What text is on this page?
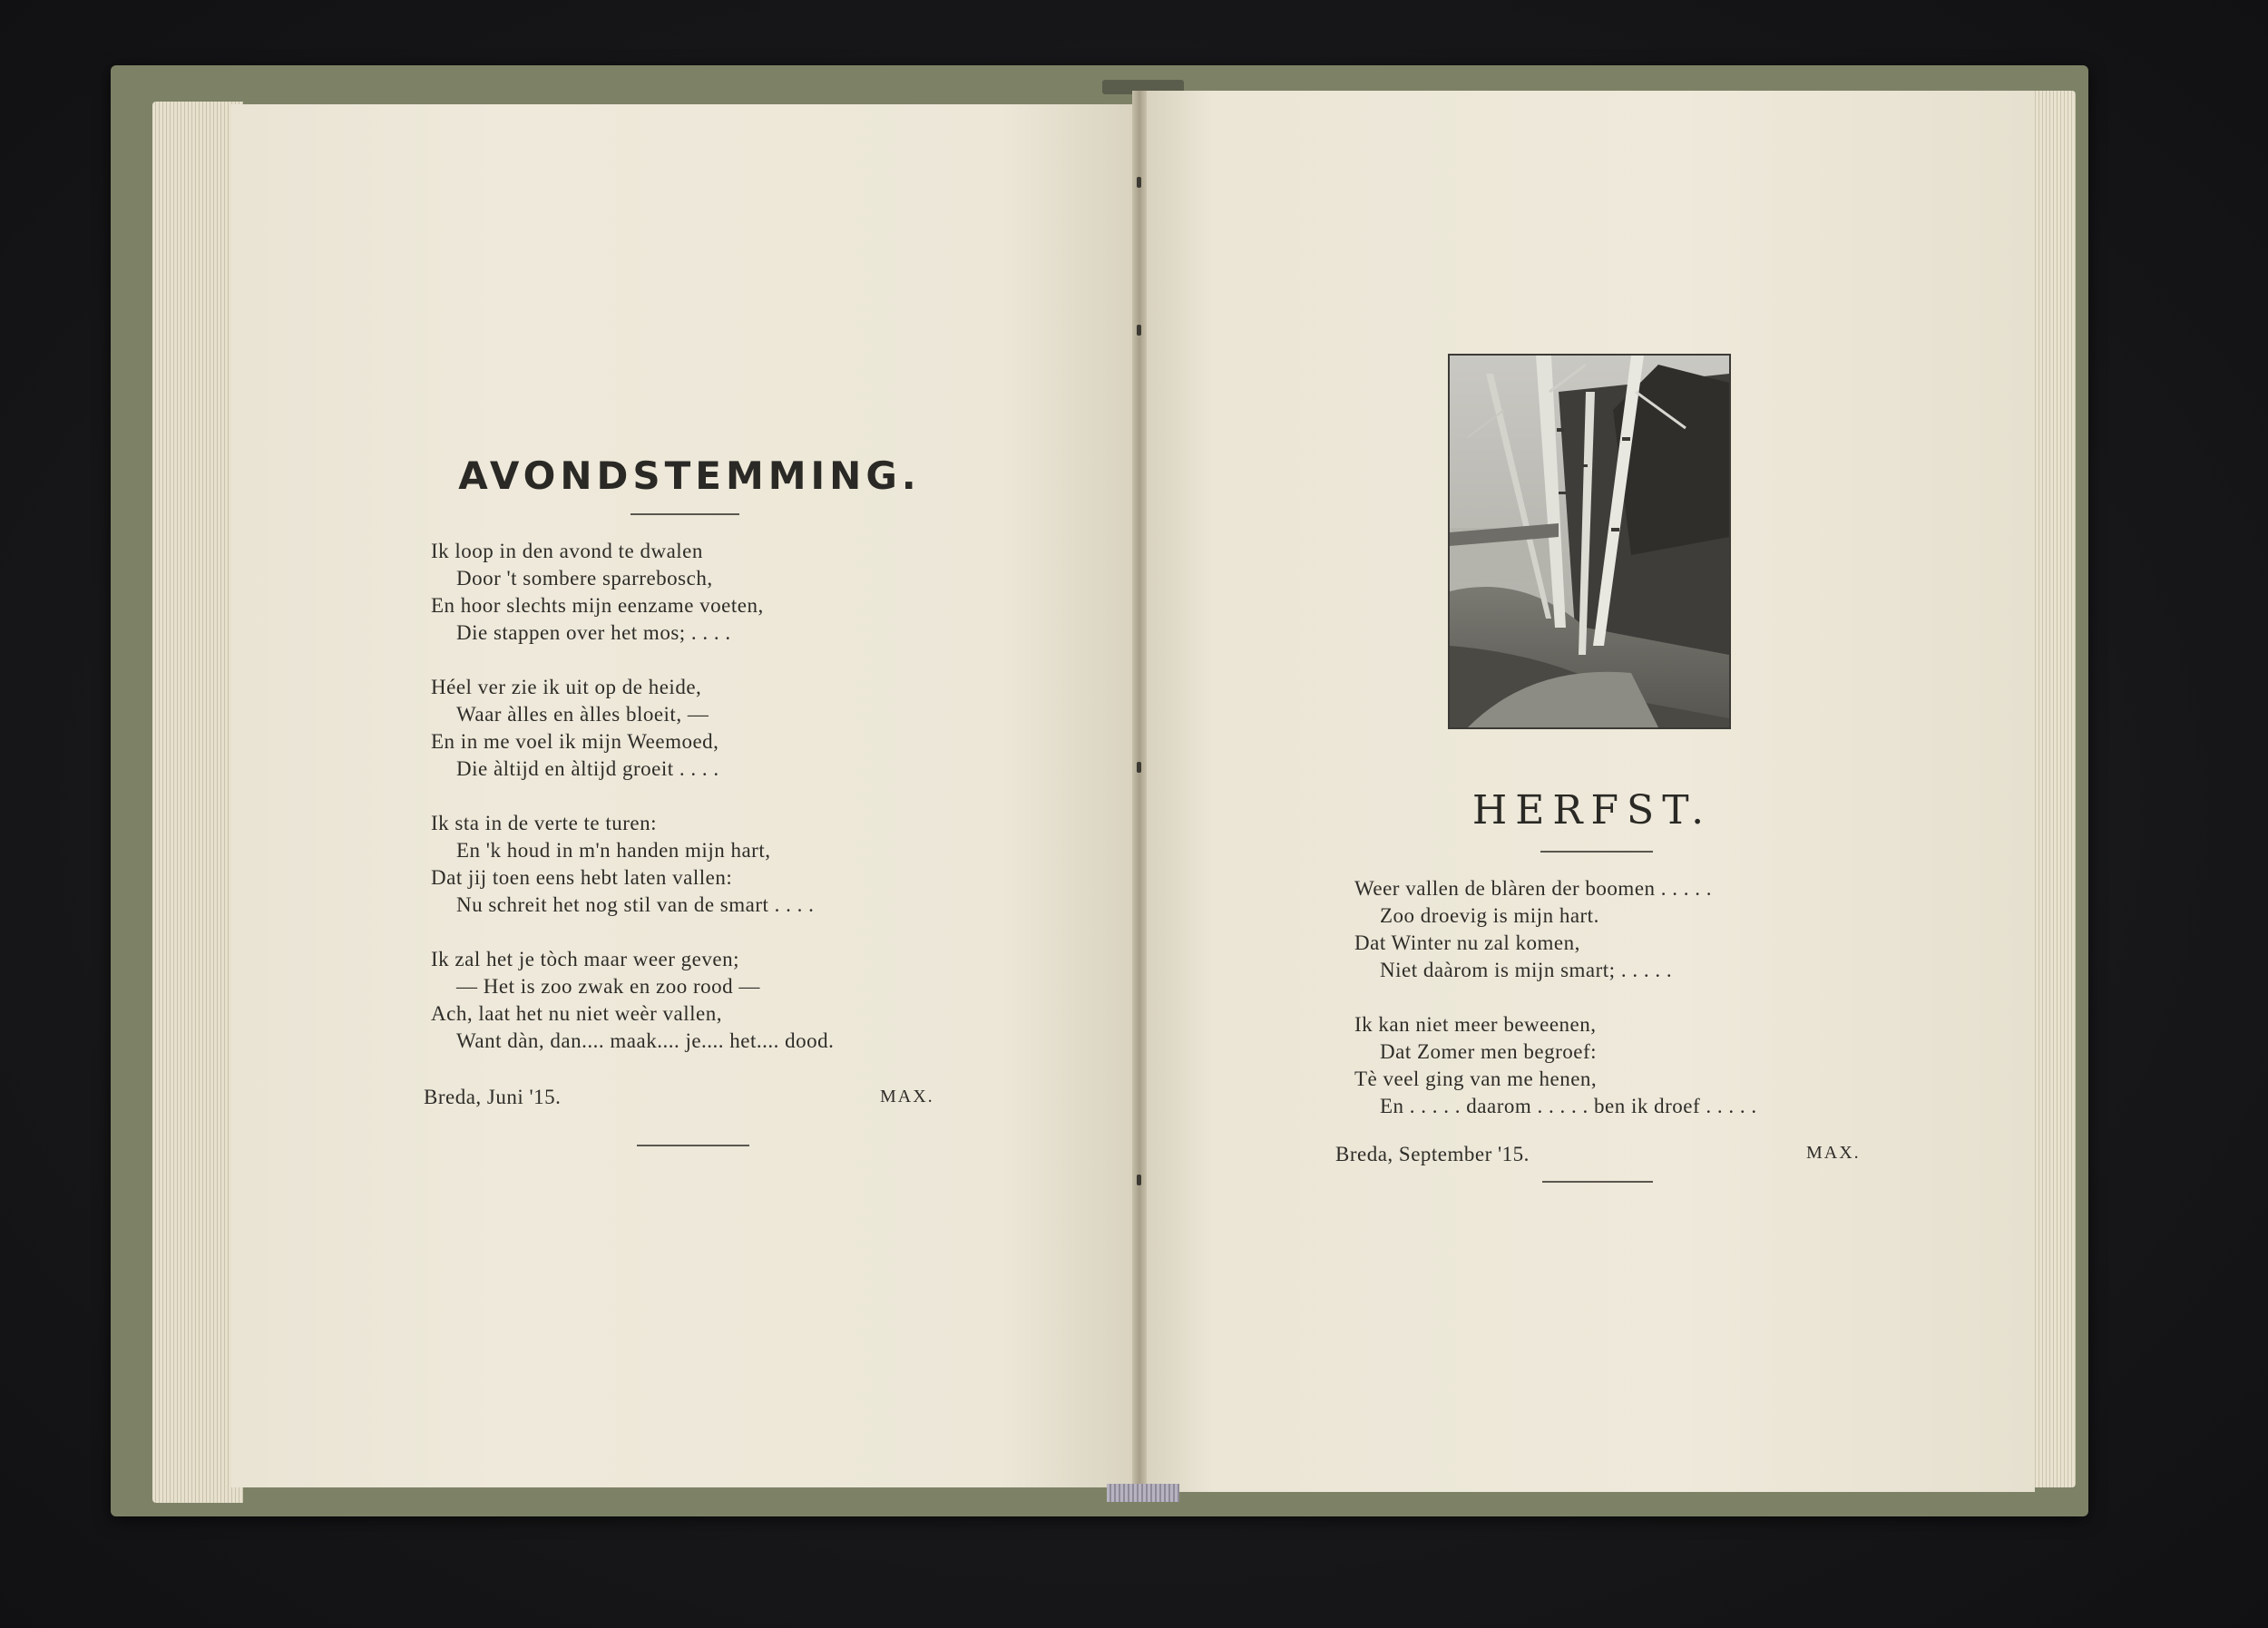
AVONDSTEMMING.
Ik loop in den avond te dwalen
Door 't sombere sparrebosch,
En hoor slechts mijn eenzame voeten,
Die stappen over het mos; . . . .
Héel ver zie ik uit op de heide,
Waar àlles en àlles bloeit, —
En in me voel ik mijn Weemoed,
Die àltijd en àltijd groeit . . . .
Ik sta in de verte te turen:
En 'k houd in m'n handen mijn hart,
Dat jij toen eens hebt laten vallen:
Nu schreit het nog stil van de smart . . . .
Ik zal het je tòch maar weer geven;
— Het is zoo zwak en zoo rood —
Ach, laat het nu niet weèr vallen,
Want dàn, dan.... maak.... je.... het.... dood.
Breda, Juni '15.	MAX.
HERFST.
Weer vallen de blàren der boomen . . . . .
Zoo droevig is mijn hart.
Dat Winter nu zal komen,
Niet daàrom is mijn smart; . . . . .
Ik kan niet meer beweenen,
Dat Zomer men begroef:
Tè veel ging van me henen,
En . . . . . daarom . . . . . ben ik droef . . . . .
Breda, September '15.	MAX.
